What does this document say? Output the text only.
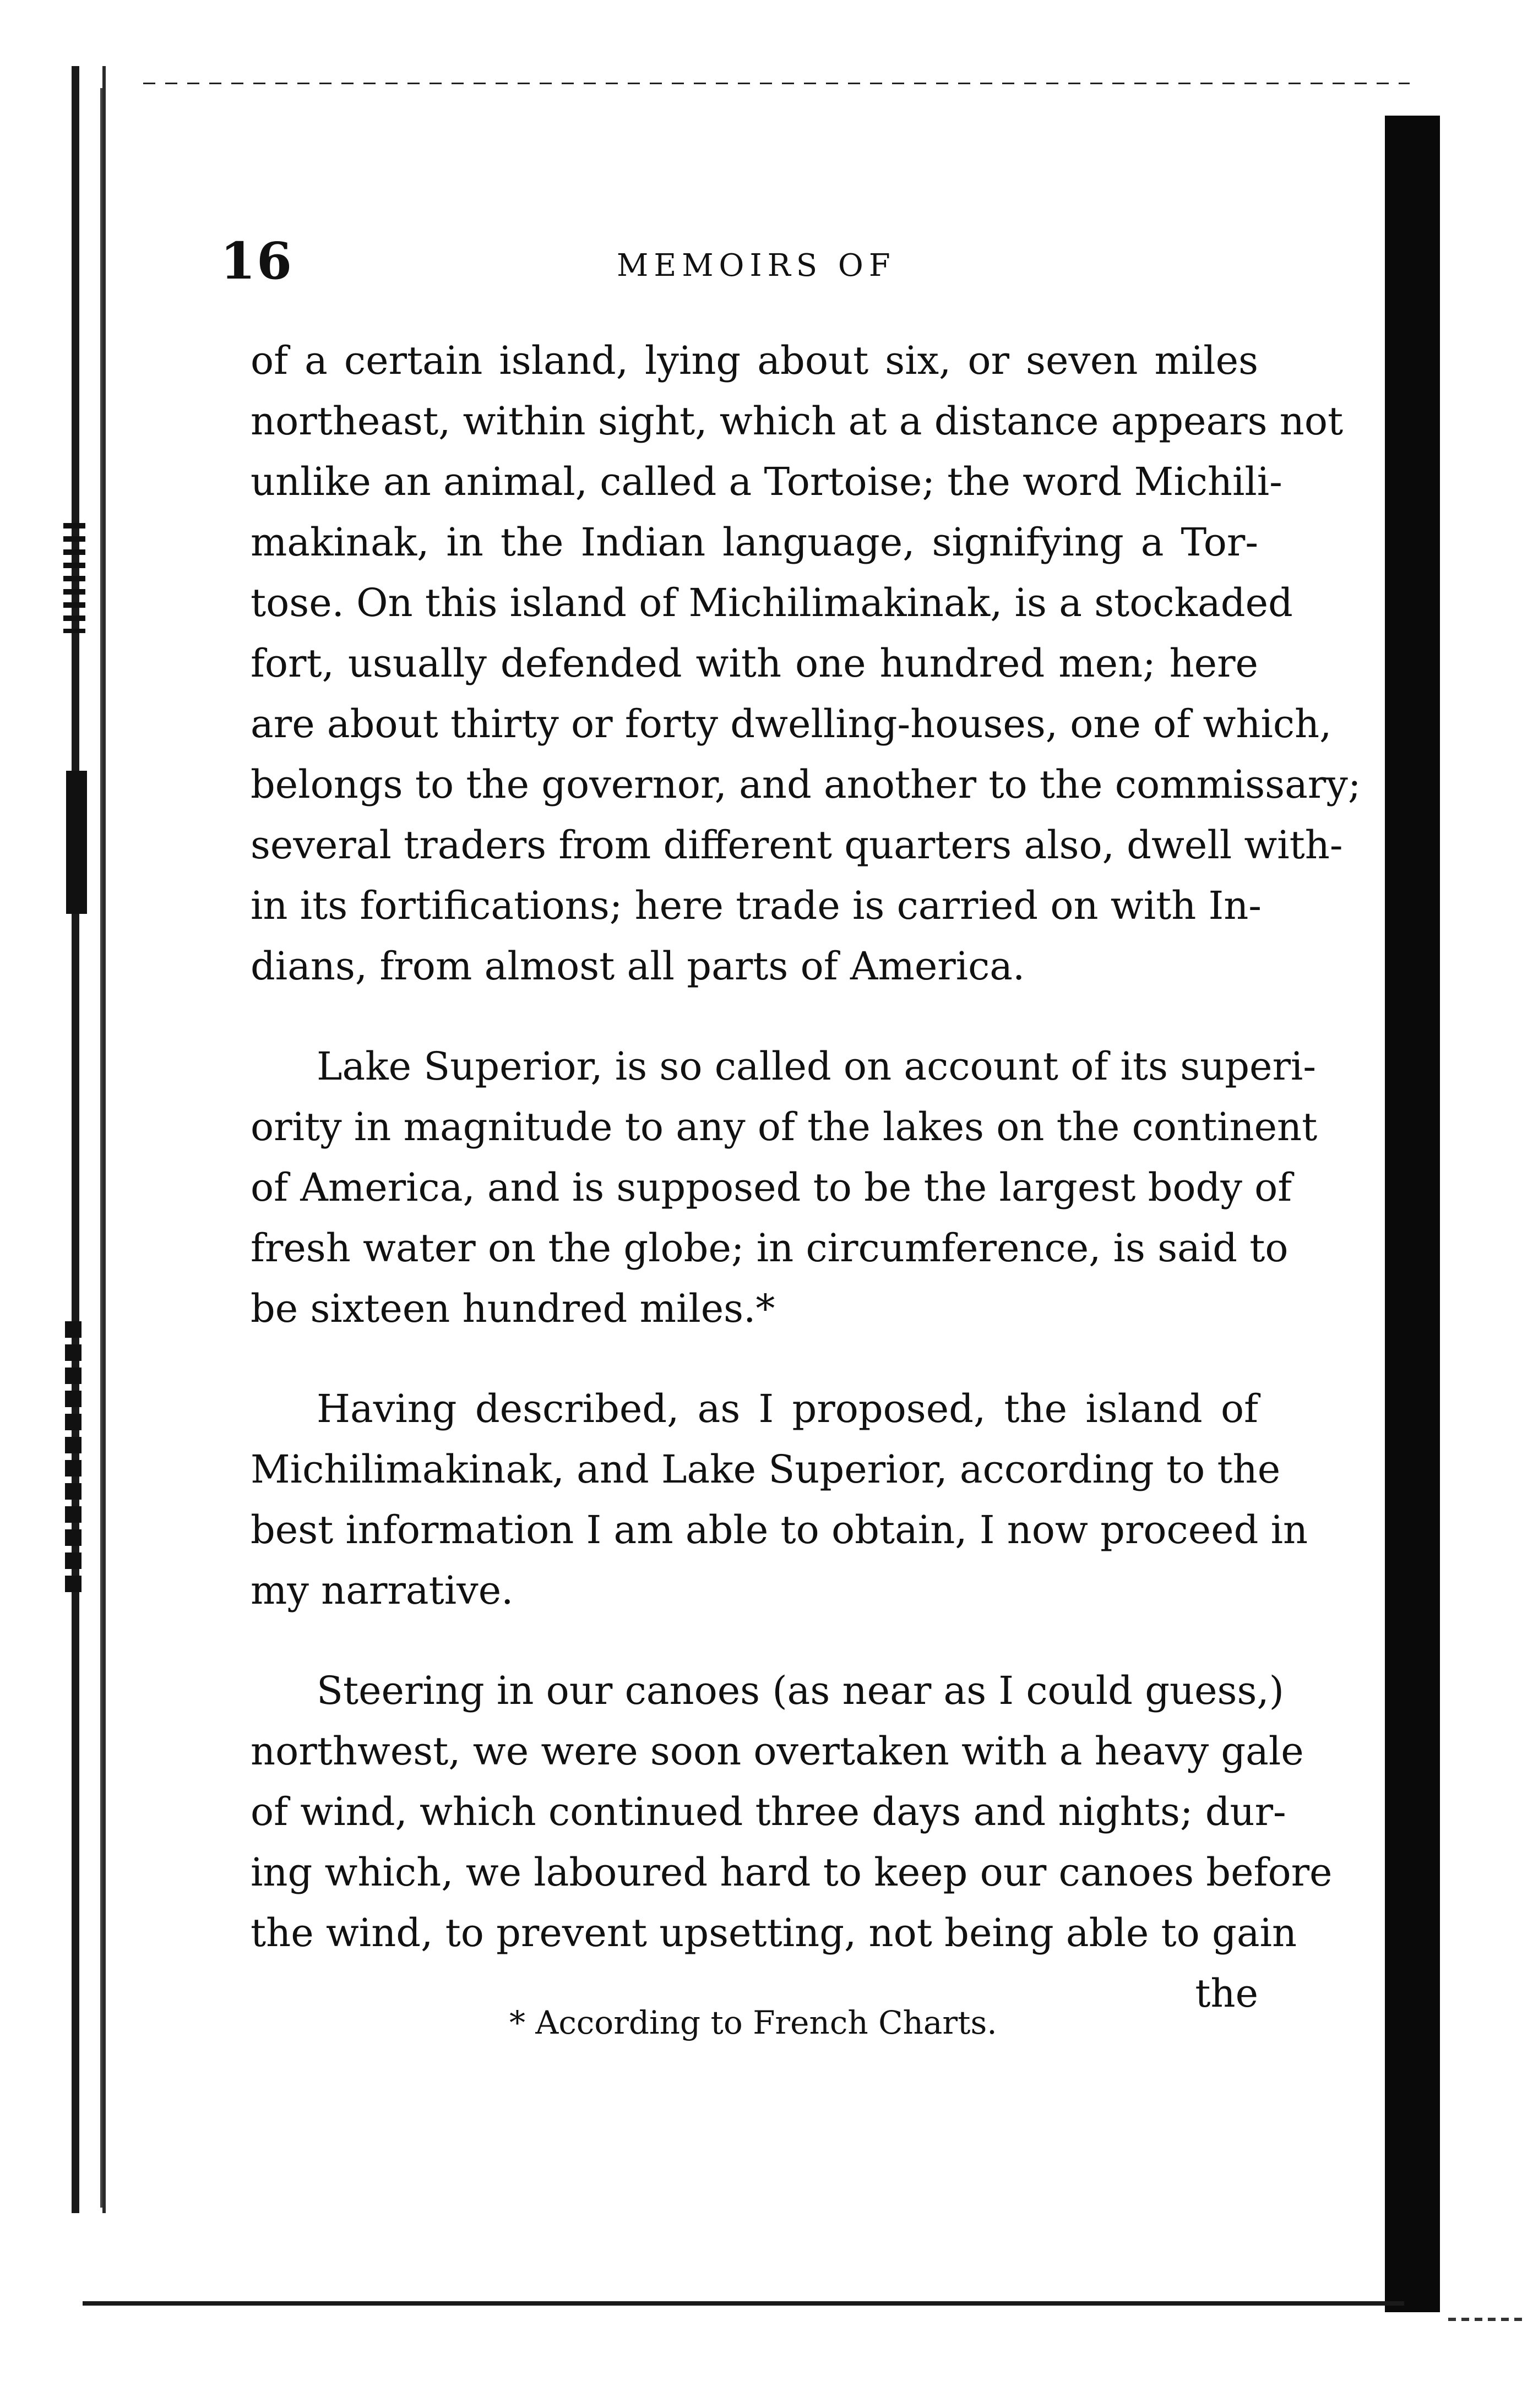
16	MEMOIRS OF
of a certain island, lying about six, or seven miles
northeast, within sight, which at a distance appears not
unlike an animal, called a Tortoise; the word Michili-
makinak, in the Indian language, signifying a Tor-
tose. On this island of Michilimakinak, is a stockaded
fort, usually defended with one hundred men; here
are about thirty or forty dwelling-houses, one of which,
belongs to the governor, and another to the commissary;
several traders from different quarters also, dwell with-
in its fortifications; here trade is carried on with In-
dians, from almost all parts of America.
Lake Superior, is so called on account of its superi-
ority in magnitude to any of the lakes on the continent
of America, and is supposed to be the largest body of
fresh water on the globe; in circumference, is said to
be sixteen hundred miles.*
Having described, as I proposed, the island of
Michilimakinak, and Lake Superior, according to the
best information I am able to obtain, I now proceed in
my narrative.
Steering in our canoes (as near as I could guess,)
northwest, we were soon overtaken with a heavy gale
of wind, which continued three days and nights; dur-
ing which, we laboured hard to keep our canoes before
the wind, to prevent upsetting, not being able to gain
the
* According to French Charts.
